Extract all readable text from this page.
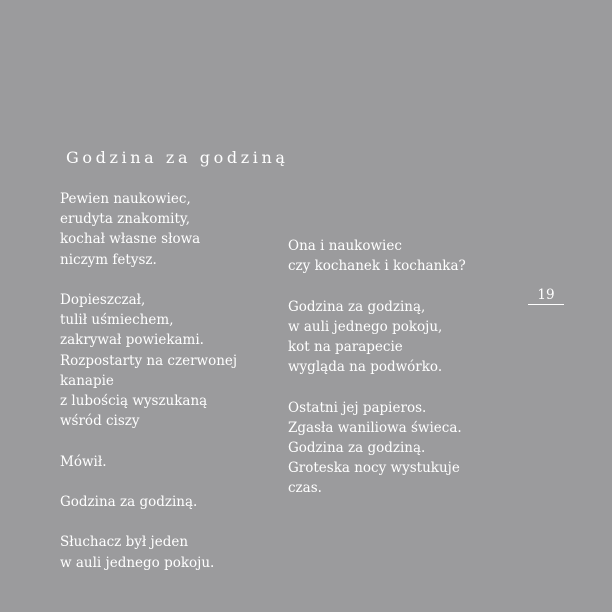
Godzina za godziną
Pewien naukowiec,
erudyta znakomity,
kochał własne słowa
niczym fetysz.
Dopieszczał,
tulił uśmiechem,
zakrywał powiekami.
Rozpostarty na czerwonej
kanapie
z lubością wyszukaną
wśród ciszy
Mówił.
Godzina za godziną.
Słuchacz był jeden
w auli jednego pokoju.
Ona i naukowiec
czy kochanek i kochanka?
Godzina za godziną,
w auli jednego pokoju,
kot na parapecie
wygląda na podwórko.
Ostatni jej papieros.
Zgasła waniliowa świeca.
Godzina za godziną.
Groteska nocy wystukuje
czas.
19
